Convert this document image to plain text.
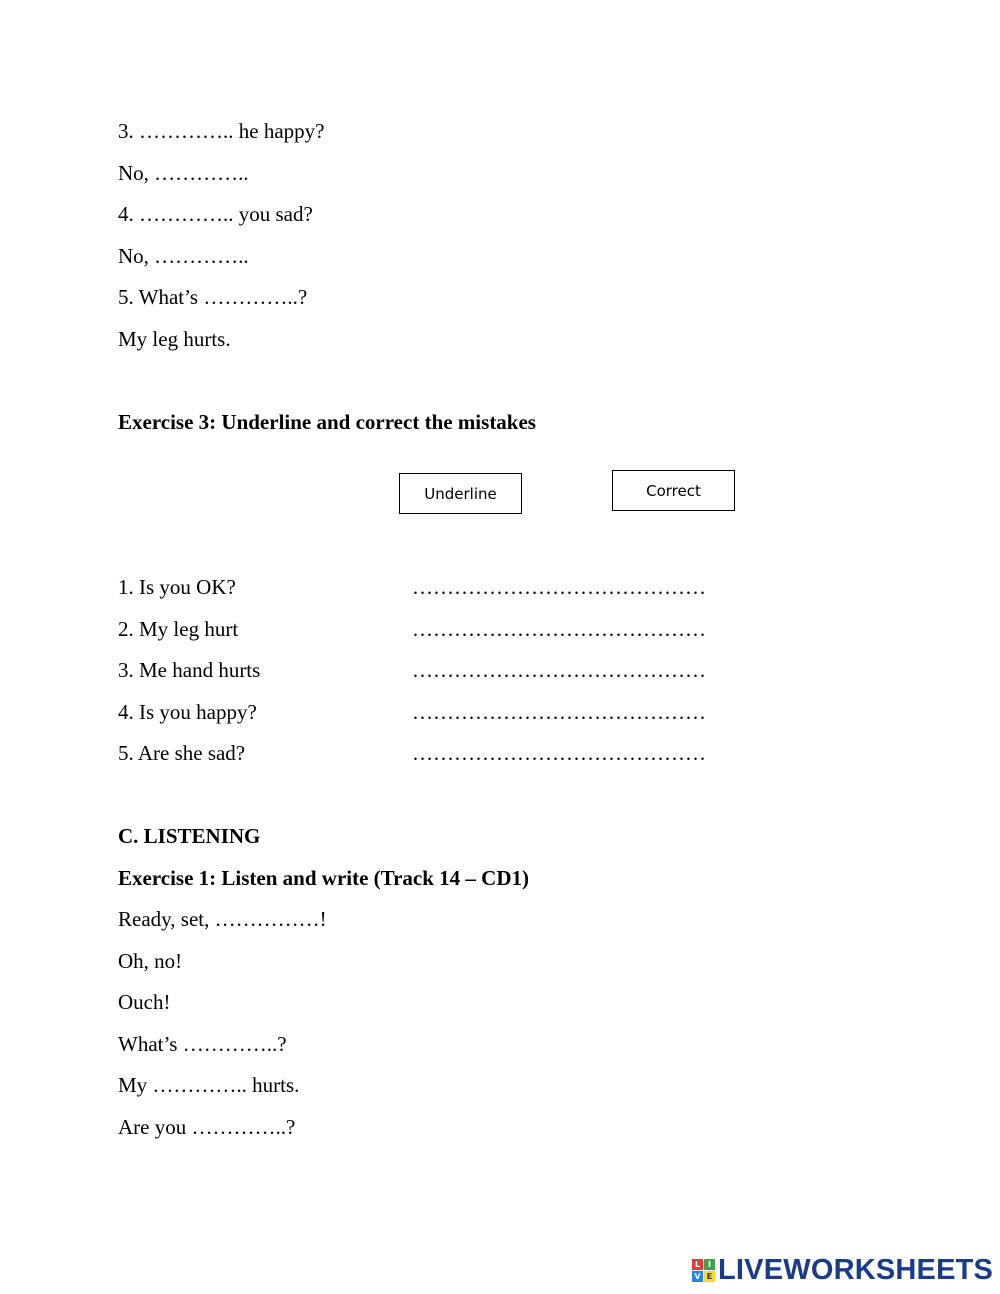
3. ………….. he happy?
No, …………..
4. ………….. you sad?
No, …………..
5. What’s …………..?
My leg hurts.
Exercise 3: Underline and correct the mistakes
Underline	Correct
1. Is you OK?	……………………………………
2. My leg hurt	……………………………………
3. Me hand hurts	……………………………………
4. Is you happy?	……………………………………
5. Are she sad?	……………………………………
C. LISTENING
Exercise 1: Listen and write (Track 14 – CD1)
Ready, set, ……………!
Oh, no!
Ouch!
What’s …………..?
My ………….. hurts.
Are you …………..?
L I
V E LIVEWORKSHEETS
